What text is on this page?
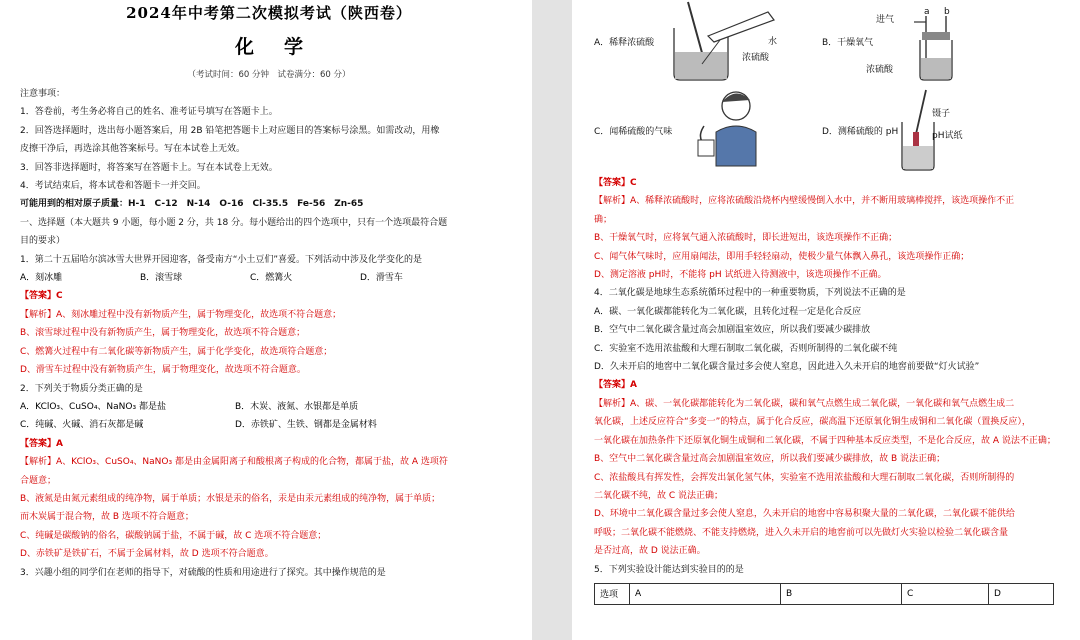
2024年中考第二次模拟考试（陕西卷）
化学
（考试时间：60 分钟　试卷满分：60 分）
注意事项：
1．答卷前，考生务必将自己的姓名、准考证号填写在答题卡上。
2．回答选择题时，选出每小题答案后，用 2B 铅笔把答题卡上对应题目的答案标号涂黑。如需改动，用橡
皮擦干净后，再选涂其他答案标号。写在本试卷上无效。
3．回答非选择题时，将答案写在答题卡上。写在本试卷上无效。
4．考试结束后，将本试卷和答题卡一并交回。
可能用到的相对原子质量：H-1　C-12　N-14　O-16　Cl-35.5　Fe-56　Zn-65
一、选择题（本大题共 9 小题，每小题 2 分，共 18 分。每小题给出的四个选项中，只有一个选项最符合题
目的要求）
1．第二十五届哈尔滨冰雪大世界开园迎客，备受南方“小土豆们”喜爱。下列活动中涉及化学变化的是
A．刻冰雕	B．滚雪球	C．燃篝火	D．滑雪车
【答案】C
【解析】A、刻冰雕过程中没有新物质产生，属于物理变化，故选项不符合题意；
B、滚雪球过程中没有新物质产生，属于物理变化，故选项不符合题意；
C、燃篝火过程中有二氧化碳等新物质产生，属于化学变化，故选项符合题意；
D、滑雪车过程中没有新物质产生，属于物理变化，故选项不符合题意。
2．下列关于物质分类正确的是
A．KClO₃、CuSO₄、NaNO₃ 都是盐	B．木炭、液氮、水银都是单质
C．纯碱、火碱、消石灰都是碱	D．赤铁矿、生铁、钢都是金属材料
【答案】A
【解析】A、KClO₃、CuSO₄、NaNO₃ 都是由金属阳离子和酸根离子构成的化合物，都属于盐，故 A 选项符
合题意；
B、液氮是由氮元素组成的纯净物，属于单质；水银是汞的俗名，汞是由汞元素组成的纯净物，属于单质；
而木炭属于混合物，故 B 选项不符合题意；
C、纯碱是碳酸钠的俗名，碳酸钠属于盐，不属于碱，故 C 选项不符合题意；
D、赤铁矿是铁矿石，不属于金属材料，故 D 选项不符合题意。
3．兴趣小组的同学们在老师的指导下，对硫酸的性质和用途进行了探究。其中操作规范的是
A．稀释浓硫酸	水
浓硫酸
B．干燥氧气
进气
a b
浓硫酸
C．闻稀硫酸的气味	D．测稀硫酸的 pH
镊子
pH试纸
【答案】C
【解析】A、稀释浓硫酸时，应将浓硫酸沿烧杯内壁缓慢倒入水中，并不断用玻璃棒搅拌，该选项操作不正
确；
B、干燥氧气时，应将氧气通入浓硫酸时，即长进短出，该选项操作不正确；
C、闻气体气味时，应用扇闻法，即用手轻轻扇动，使极少量气体飘入鼻孔，该选项操作正确；
D、测定溶液 pH时，不能将 pH 试纸进入待测液中，该选项操作不正确。
4．二氧化碳是地球生态系统循环过程中的一种重要物质，下列说法不正确的是
A．碳、一氧化碳都能转化为二氧化碳，且转化过程一定是化合反应
B．空气中二氧化碳含量过高会加剧温室效应，所以我们要减少碳排放
C．实验室不选用浓盐酸和大理石制取二氧化碳，否则所制得的二氧化碳不纯
D．久未开启的地窖中二氧化碳含量过多会使人窒息，因此进入久未开启的地窖前要做“灯火试验”
【答案】A
【解析】A、碳、一氧化碳都能转化为二氧化碳，碳和氧气点燃生成二氧化碳，一氧化碳和氧气点燃生成二
氧化碳，上述反应符合“多变一”的特点，属于化合反应，碳高温下还原氧化铜生成铜和二氧化碳（置换反应），
一氧化碳在加热条件下还原氧化铜生成铜和二氧化碳，不属于四种基本反应类型，不是化合反应，故 A 说法不正确；
B、空气中二氧化碳含量过高会加剧温室效应，所以我们要减少碳排放，故 B 说法正确；
C、浓盐酸具有挥发性，会挥发出氯化氢气体，实验室不选用浓盐酸和大理石制取二氧化碳，否则所制得的
二氧化碳不纯，故 C 说法正确；
D、环境中二氧化碳含量过多会使人窒息，久未开启的地窖中容易积聚大量的二氧化碳，二氧化碳不能供给
呼吸；二氧化碳不能燃烧、不能支持燃烧，进入久未开启的地窖前可以先做灯火实验以检验二氧化碳含量
是否过高，故 D 说法正确。
5．下列实验设计能达到实验目的的是
选项	A	B	C	D
